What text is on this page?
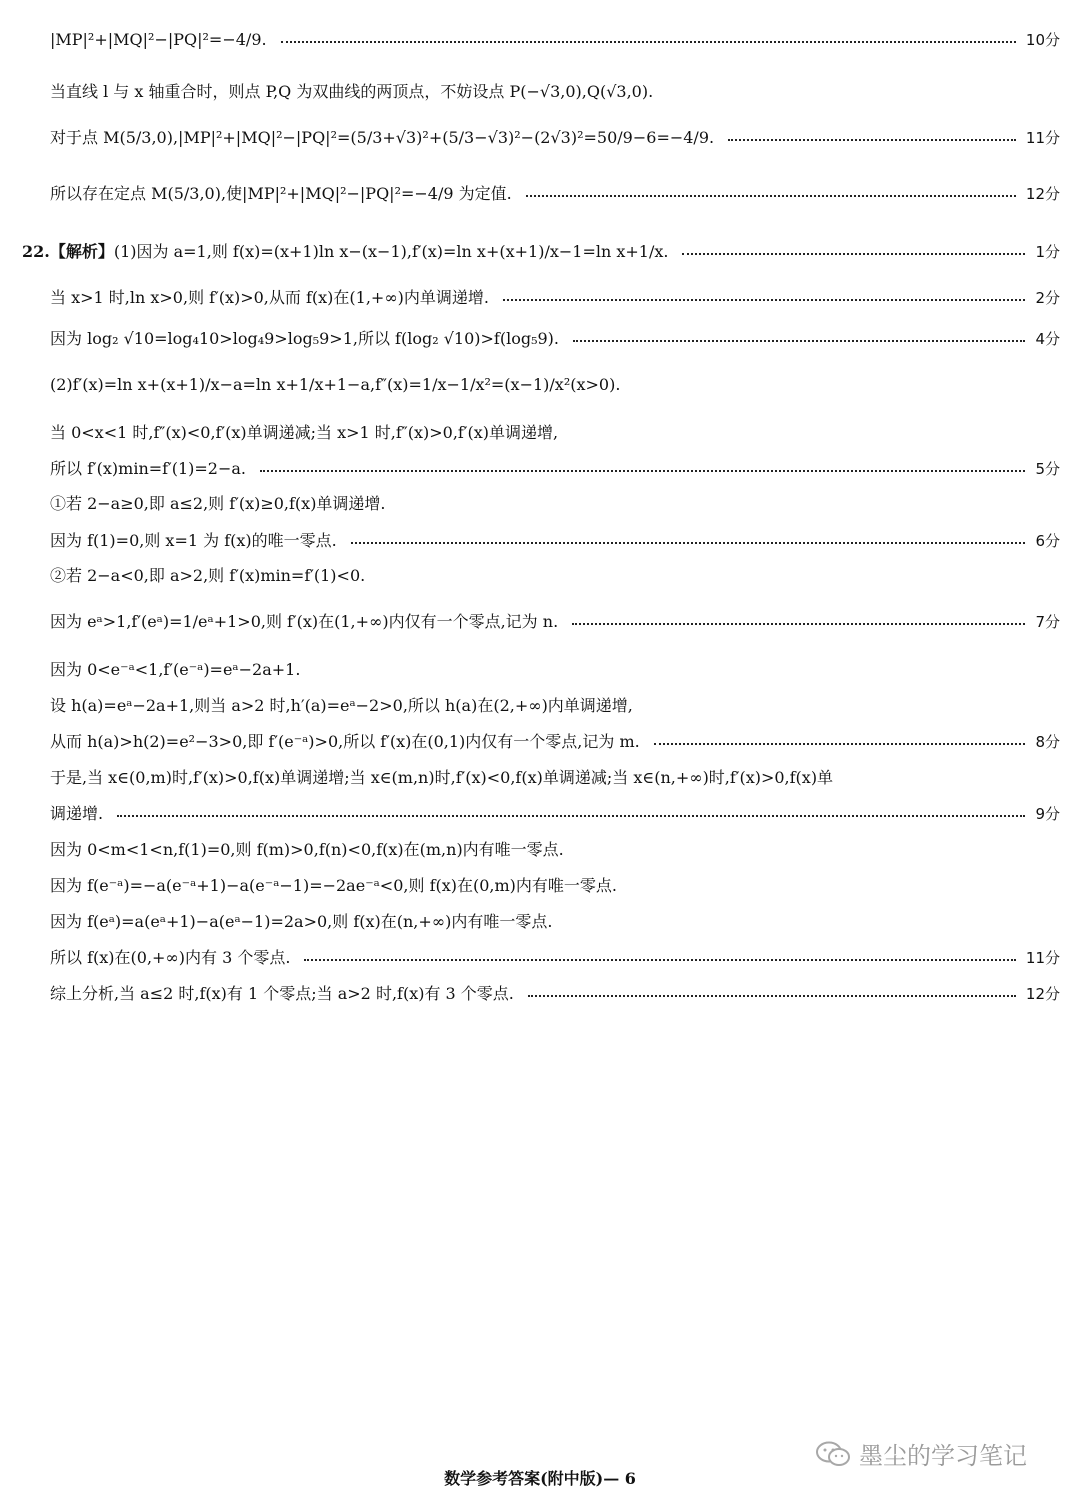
|MP|²+|MQ|²−|PQ|²=−4/9.	10分
当直线 l 与 x 轴重合时，则点 P,Q 为双曲线的两顶点，不妨设点 P(−√3,0),Q(√3,0).
对于点 M(5/3,0),|MP|²+|MQ|²−|PQ|²=(5/3+√3)²+(5/3−√3)²−(2√3)²=50/9−6=−4/9.	11分
所以存在定点 M(5/3,0),使|MP|²+|MQ|²−|PQ|²=−4/9 为定值.	12分
22.【解析】(1)因为 a=1,则 f(x)=(x+1)ln x−(x−1),f′(x)=ln x+(x+1)/x−1=ln x+1/x.	1分
当 x>1 时,ln x>0,则 f′(x)>0,从而 f(x)在(1,+∞)内单调递增.	2分
因为 log₂ √10=log₄10>log₄9>log₅9>1,所以 f(log₂ √10)>f(log₅9).	4分
(2)f′(x)=ln x+(x+1)/x−a=ln x+1/x+1−a,f″(x)=1/x−1/x²=(x−1)/x²(x>0).
当 0<x<1 时,f″(x)<0,f′(x)单调递减;当 x>1 时,f″(x)>0,f′(x)单调递增,
所以 f′(x)min=f′(1)=2−a.	5分
①若 2−a≥0,即 a≤2,则 f′(x)≥0,f(x)单调递增.
因为 f(1)=0,则 x=1 为 f(x)的唯一零点.	6分
②若 2−a<0,即 a>2,则 f′(x)min=f′(1)<0.
因为 eᵃ>1,f′(eᵃ)=1/eᵃ+1>0,则 f′(x)在(1,+∞)内仅有一个零点,记为 n.	7分
因为 0<e⁻ᵃ<1,f′(e⁻ᵃ)=eᵃ−2a+1.
设 h(a)=eᵃ−2a+1,则当 a>2 时,h′(a)=eᵃ−2>0,所以 h(a)在(2,+∞)内单调递增,
从而 h(a)>h(2)=e²−3>0,即 f′(e⁻ᵃ)>0,所以 f′(x)在(0,1)内仅有一个零点,记为 m.	8分
于是,当 x∈(0,m)时,f′(x)>0,f(x)单调递增;当 x∈(m,n)时,f′(x)<0,f(x)单调递减;当 x∈(n,+∞)时,f′(x)>0,f(x)单
调递增.	9分
因为 0<m<1<n,f(1)=0,则 f(m)>0,f(n)<0,f(x)在(m,n)内有唯一零点.
因为 f(e⁻ᵃ)=−a(e⁻ᵃ+1)−a(e⁻ᵃ−1)=−2ae⁻ᵃ<0,则 f(x)在(0,m)内有唯一零点.
因为 f(eᵃ)=a(eᵃ+1)−a(eᵃ−1)=2a>0,则 f(x)在(n,+∞)内有唯一零点.
所以 f(x)在(0,+∞)内有 3 个零点.	11分
综上分析,当 a≤2 时,f(x)有 1 个零点;当 a>2 时,f(x)有 3 个零点.	12分
数学参考答案(附中版)— 6
墨尘的学习笔记
